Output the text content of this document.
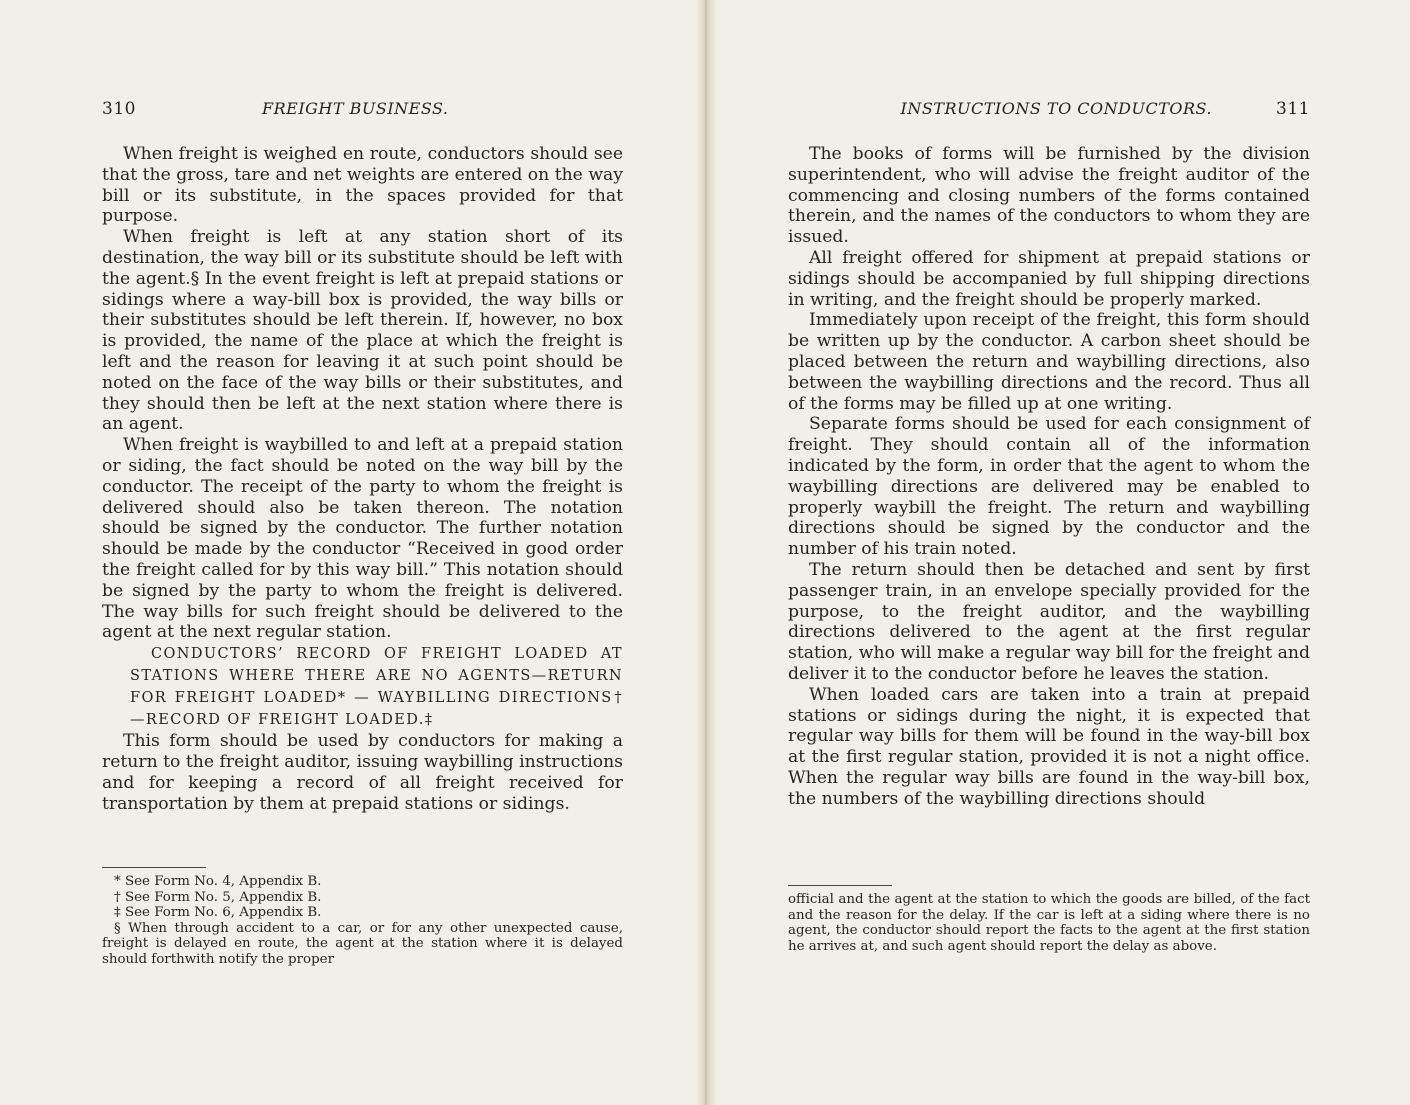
310	FREIGHT BUSINESS.

When freight is weighed en route, conductors should see that the gross, tare and net weights are entered on the way bill or its substitute, in the spaces provided for that purpose.

When freight is left at any station short of its destination, the way bill or its substitute should be left with the agent.§ In the event freight is left at prepaid stations or sidings where a way-bill box is provided, the way bills or their substitutes should be left therein. If, however, no box is provided, the name of the place at which the freight is left and the reason for leaving it at such point should be noted on the face of the way bills or their substitutes, and they should then be left at the next station where there is an agent.

When freight is waybilled to and left at a prepaid station or siding, the fact should be noted on the way bill by the conductor. The receipt of the party to whom the freight is delivered should also be taken thereon. The notation should be signed by the conductor. The further notation should be made by the conductor “Received in good order the freight called for by this way bill.” This notation should be signed by the party to whom the freight is delivered. The way bills for such freight should be delivered to the agent at the next regular station.

CONDUCTORS’ RECORD OF FREIGHT LOADED AT STATIONS WHERE THERE ARE NO AGENTS—RETURN FOR FREIGHT LOADED* — WAYBILLING DIRECTIONS†—RECORD OF FREIGHT LOADED.‡

This form should be used by conductors for making a return to the freight auditor, issuing waybilling instructions and for keeping a record of all freight received for transportation by them at prepaid stations or sidings.

* See Form No. 4, Appendix B.

† See Form No. 5, Appendix B.

‡ See Form No. 6, Appendix B.

§ When through accident to a car, or for any other unexpected cause, freight is delayed en route, the agent at the station where it is delayed should forthwith notify the proper

INSTRUCTIONS TO CONDUCTORS.	311

The books of forms will be furnished by the division superintendent, who will advise the freight auditor of the commencing and closing numbers of the forms contained therein, and the names of the conductors to whom they are issued.

All freight offered for shipment at prepaid stations or sidings should be accompanied by full shipping directions in writing, and the freight should be properly marked.

Immediately upon receipt of the freight, this form should be written up by the conductor. A carbon sheet should be placed between the return and waybilling directions, also between the waybilling directions and the record. Thus all of the forms may be filled up at one writing.

Separate forms should be used for each consignment of freight. They should contain all of the information indicated by the form, in order that the agent to whom the waybilling directions are delivered may be enabled to properly waybill the freight. The return and waybilling directions should be signed by the conductor and the number of his train noted.

The return should then be detached and sent by first passenger train, in an envelope specially provided for the purpose, to the freight auditor, and the waybilling directions delivered to the agent at the first regular station, who will make a regular way bill for the freight and deliver it to the conductor before he leaves the station.

When loaded cars are taken into a train at prepaid stations or sidings during the night, it is expected that regular way bills for them will be found in the way-bill box at the first regular station, provided it is not a night office. When the regular way bills are found in the way-bill box, the numbers of the waybilling directions should

official and the agent at the station to which the goods are billed, of the fact and the reason for the delay. If the car is left at a siding where there is no agent, the conductor should report the facts to the agent at the first station he arrives at, and such agent should report the delay as above.
